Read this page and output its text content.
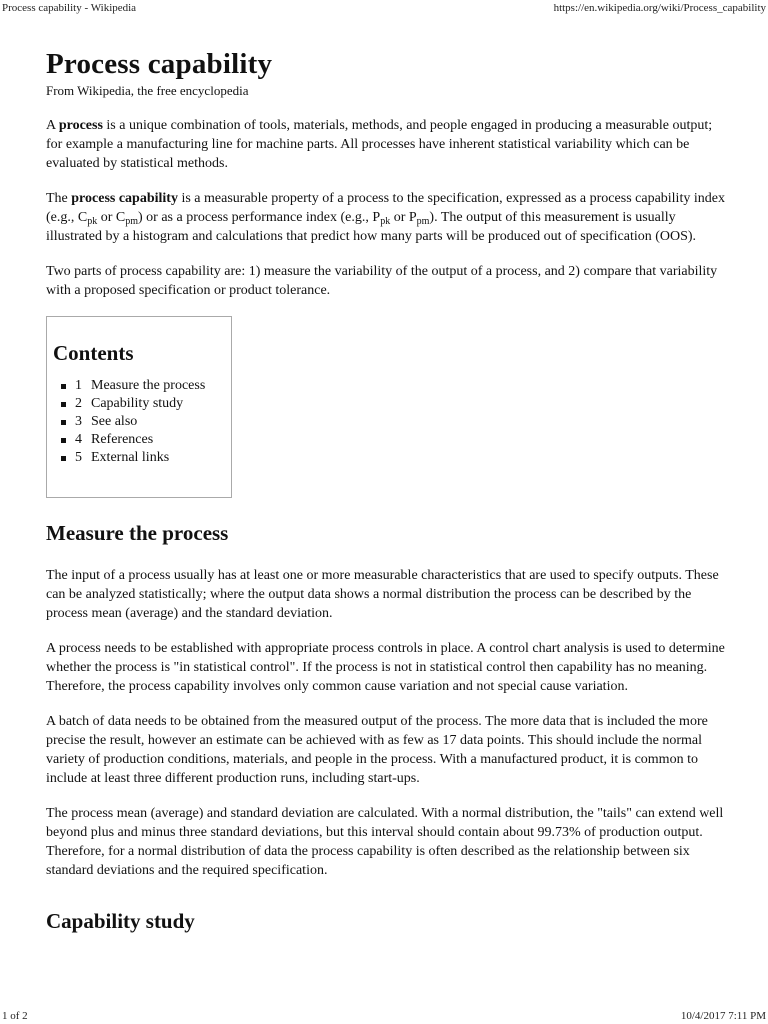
Process capability - Wikipedia	https://en.wikipedia.org/wiki/Process_capability
Process capability
From Wikipedia, the free encyclopedia

A process is a unique combination of tools, materials, methods, and people engaged in producing a measurable output; for example a manufacturing line for machine parts. All processes have inherent statistical variability which can be evaluated by statistical methods.

The process capability is a measurable property of a process to the specification, expressed as a process capability index (e.g., $C_{pk}$ or $C_{pm}$) or as a process performance index (e.g., $P_{pk}$ or $P_{pm}$). The output of this measurement is usually illustrated by a histogram and calculations that predict how many parts will be produced out of specification (OOS).

Two parts of process capability are: 1) measure the variability of the output of a process, and 2) compare that variability with a proposed specification or product tolerance.

Contents
1 Measure the process
2 Capability study
3 See also
4 References
5 External links
Measure the process

The input of a process usually has at least one or more measurable characteristics that are used to specify outputs. These can be analyzed statistically; where the output data shows a normal distribution the process can be described by the process mean (average) and the standard deviation.

A process needs to be established with appropriate process controls in place. A control chart analysis is used to determine whether the process is "in statistical control". If the process is not in statistical control then capability has no meaning. Therefore, the process capability involves only common cause variation and not special cause variation.

A batch of data needs to be obtained from the measured output of the process. The more data that is included the more precise the result, however an estimate can be achieved with as few as 17 data points. This should include the normal variety of production conditions, materials, and people in the process. With a manufactured product, it is common to include at least three different production runs, including start-ups.

The process mean (average) and standard deviation are calculated. With a normal distribution, the "tails" can extend well beyond plus and minus three standard deviations, but this interval should contain about 99.73% of production output. Therefore, for a normal distribution of data the process capability is often described as the relationship between six standard deviations and the required specification.

Capability study
1 of 2	10/4/2017 7:11 PM
